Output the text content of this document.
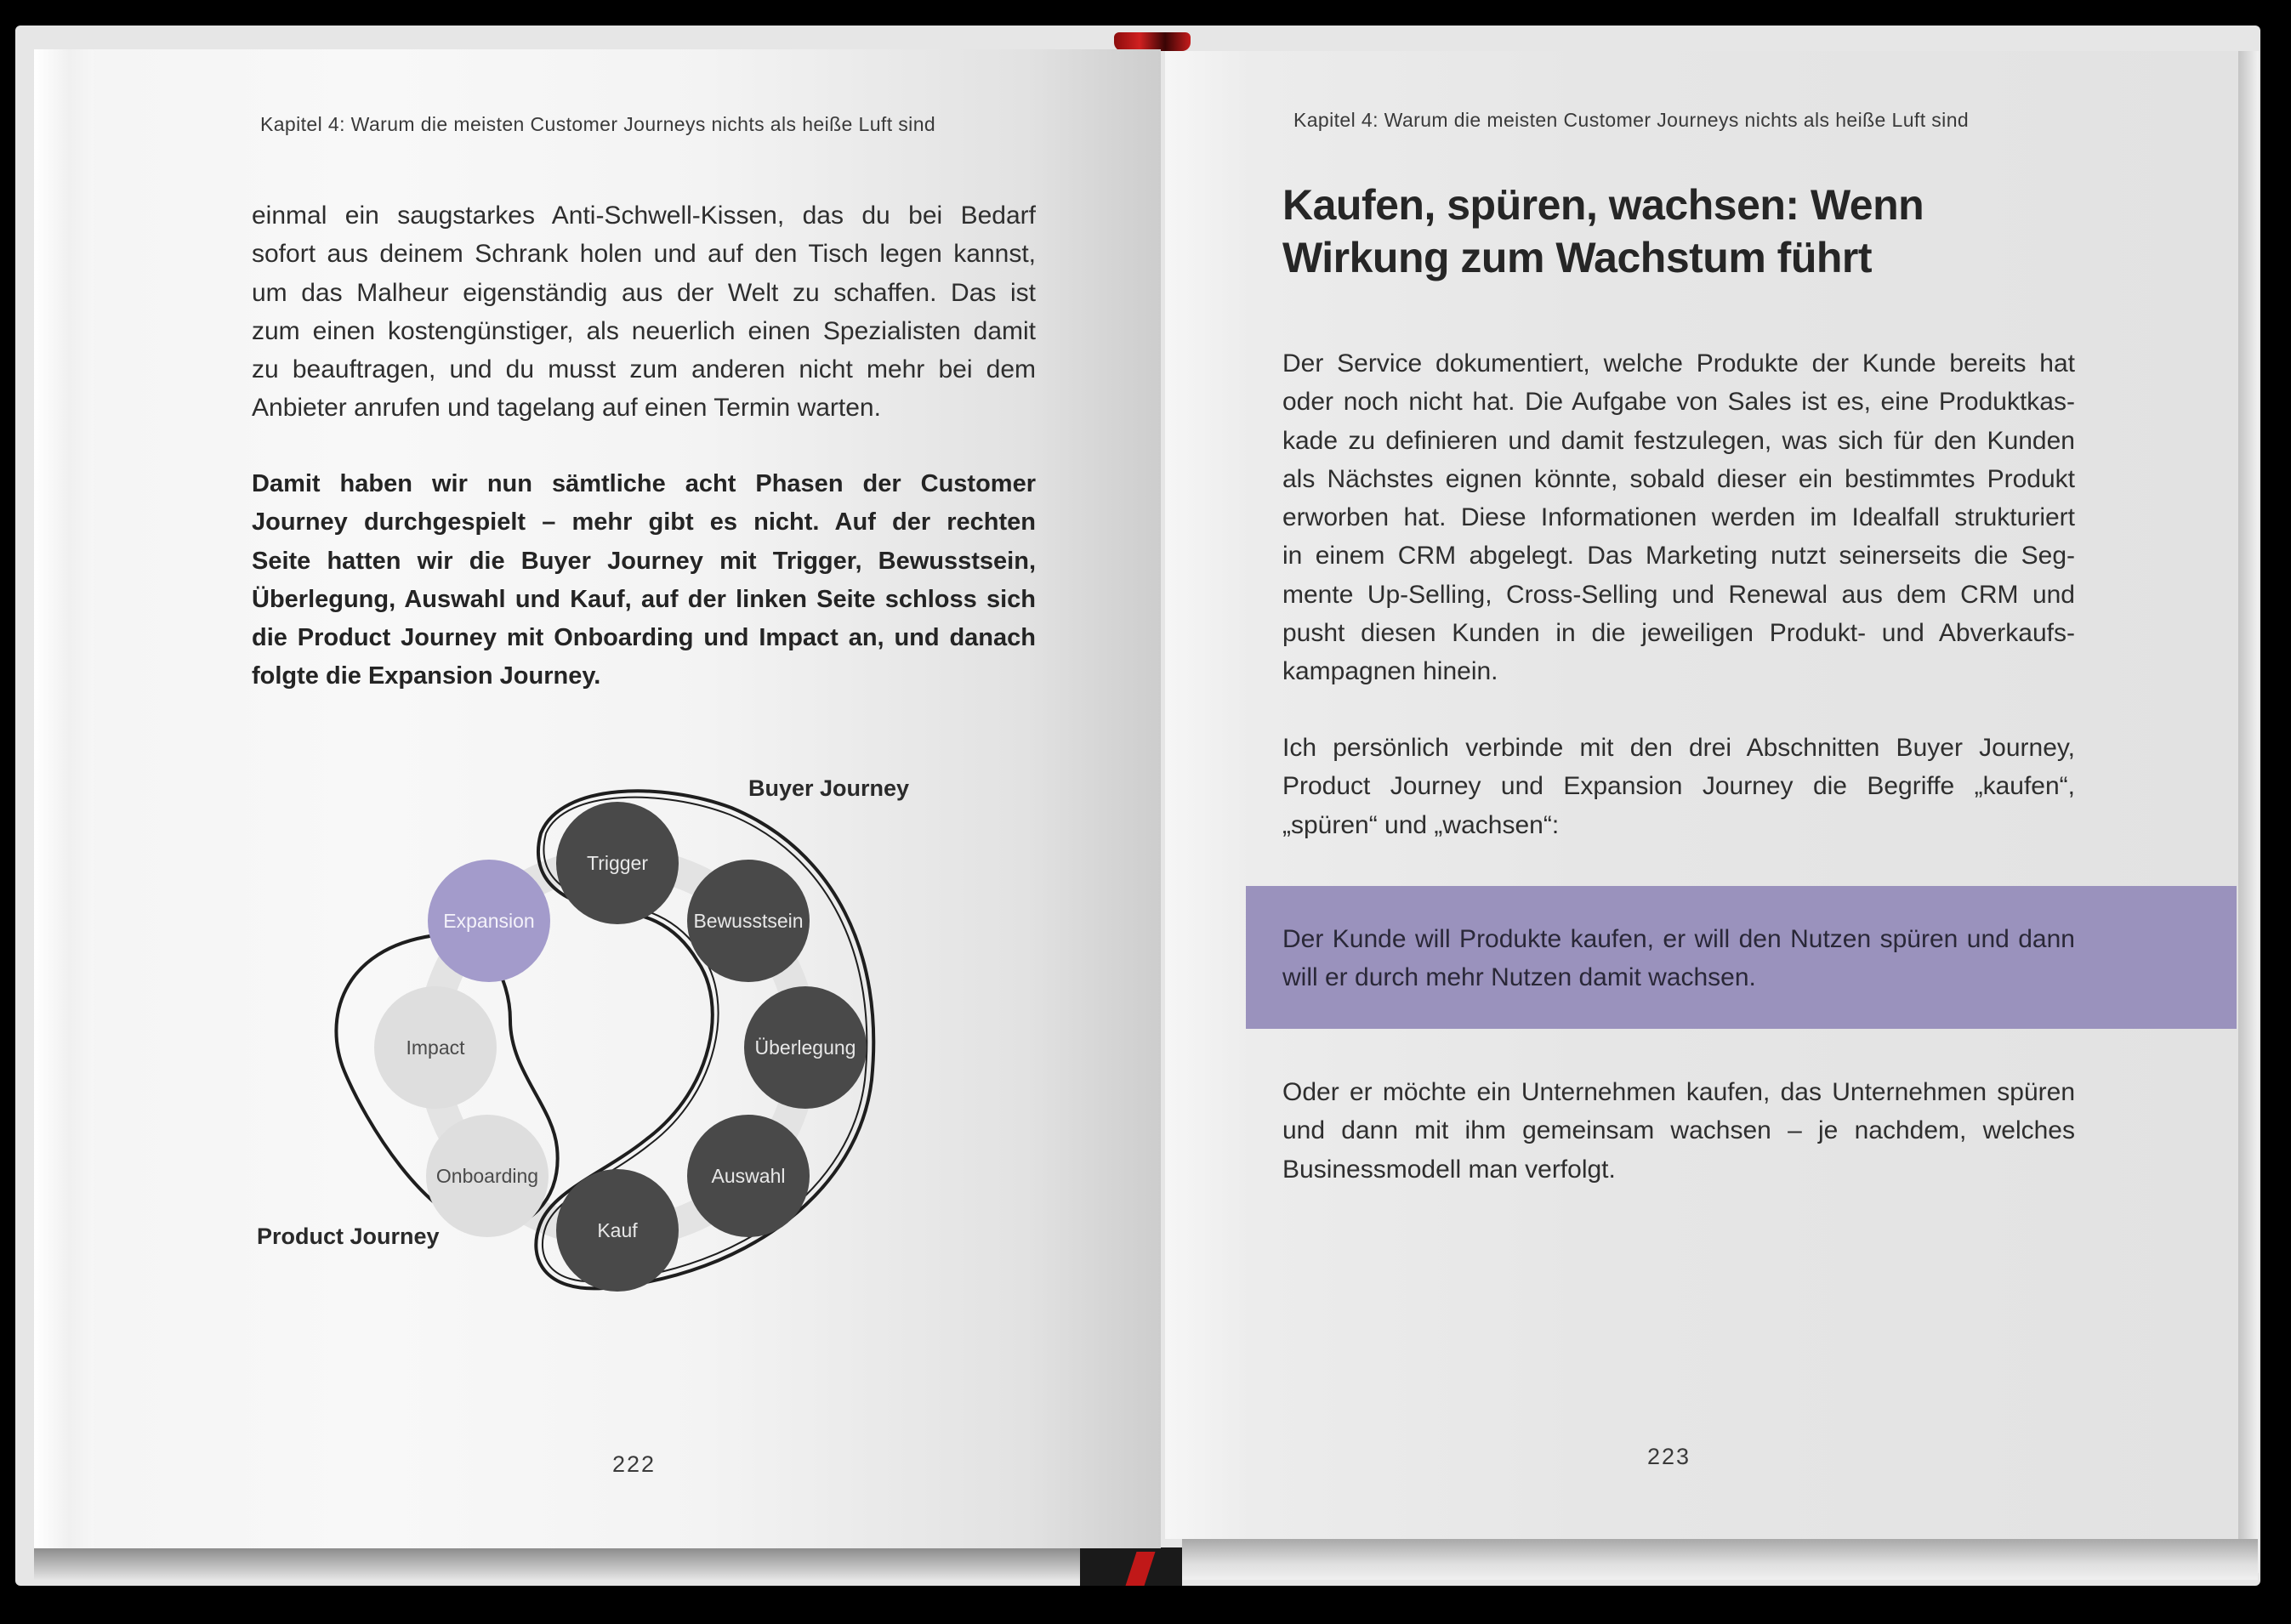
Kapitel 4: Warum die meisten Customer Journeys nichts als heiße Luft sind
einmal ein saugstarkes Anti-Schwell-Kissen, das du bei Bedarf
sofort aus deinem Schrank holen und auf den Tisch legen kannst,
um das Malheur eigenständig aus der Welt zu schaffen. Das ist
zum einen kostengünstiger, als neuerlich einen Spezialisten damit
zu beauftragen, und du musst zum anderen nicht mehr bei dem
Anbieter anrufen und tagelang auf einen Termin warten.
Damit haben wir nun sämtliche acht Phasen der Customer
Journey durchgespielt – mehr gibt es nicht. Auf der rechten
Seite hatten wir die Buyer Journey mit Trigger, Bewusstsein,
Überlegung, Auswahl und Kauf, auf der linken Seite schloss sich
die Product Journey mit Onboarding und Impact an, und danach
folgte die Expansion Journey.
Trigger
Bewusstsein
Überlegung
Auswahl
Kauf
Onboarding
Impact
Expansion
Buyer Journey
Product Journey
222
Kapitel 4: Warum die meisten Customer Journeys nichts als heiße Luft sind
Kaufen, spüren, wachsen: Wenn
Wirkung zum Wachstum führt
Der Service dokumentiert, welche Produkte der Kunde bereits hat
oder noch nicht hat. Die Aufgabe von Sales ist es, eine Produktkas-
kade zu definieren und damit festzulegen, was sich für den Kunden
als Nächstes eignen könnte, sobald dieser ein bestimmtes Produkt
erworben hat. Diese Informationen werden im Idealfall strukturiert
in einem CRM abgelegt. Das Marketing nutzt seinerseits die Seg-
mente Up-Selling, Cross-Selling und Renewal aus dem CRM und
pusht diesen Kunden in die jeweiligen Produkt- und Abverkaufs-
kampagnen hinein.
Ich persönlich verbinde mit den drei Abschnitten Buyer Journey,
Product Journey und Expansion Journey die Begriffe „kaufen“,
„spüren“ und „wachsen“:
Der Kunde will Produkte kaufen, er will den Nutzen spüren und dann
will er durch mehr Nutzen damit wachsen.
Oder er möchte ein Unternehmen kaufen, das Unternehmen spüren
und dann mit ihm gemeinsam wachsen – je nachdem, welches
Businessmodell man verfolgt.
223
